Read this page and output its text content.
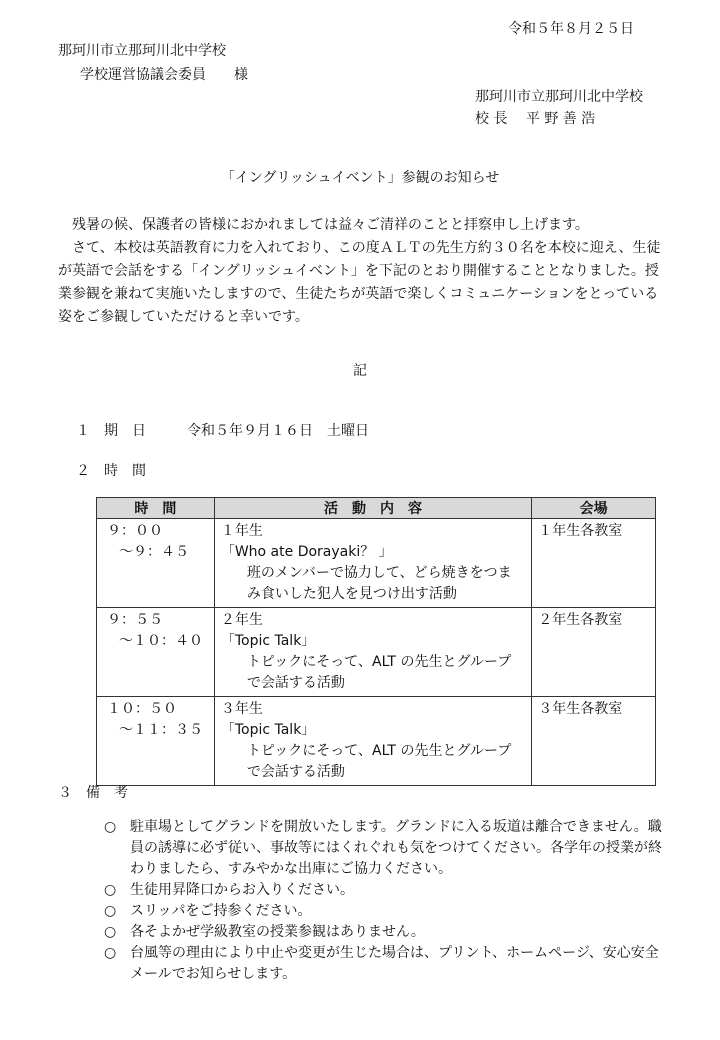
令和５年８月２５日
那珂川市立那珂川北中学校
学校運営協議会委員　　様
那珂川市立那珂川北中学校
校 長　 平 野 善 浩
「イングリッシュイベント」参観のお知らせ

残暑の候、保護者の皆様におかれましては益々ご清祥のことと拝察申し上げます。

さて、本校は英語教育に力を入れており、この度ＡＬＴの先生方約３０名を本校に迎え、生徒が英語で会話をする「イングリッシュイベント」を下記のとおり開催することとなりました。授業参観を兼ねて実施いたしますので、生徒たちが英語で楽しくコミュニケーションをとっている姿をご参観していただけると幸いです。

記
１　期　日	令和５年９月１６日　土曜日
２　時　間
時　間	活　動　内　容	会場

９：００
～９：４５	１年生
「Who ate Dorayaki？ 」
班のメンバーで協力して、どら焼きをつまみ食いした犯人を見つけ出す活動	１年生各教室

９：５５
～１０：４０	２年生
「Topic Talk」
トピックにそって、ALT の先生とグループで会話する活動	２年生各教室

１０：５０
～１１：３５	３年生
「Topic Talk」
トピックにそって、ALT の先生とグループで会話する活動	３年生各教室
３　備　考
○ 駐車場としてグランドを開放いたします。グランドに入る坂道は離合できません。職員の誘導に必ず従い、事故等にはくれぐれも気をつけてください。各学年の授業が終わりましたら、すみやかな出庫にご協力ください。
○ 生徒用昇降口からお入りください。
○ スリッパをご持参ください。
○ 各そよかぜ学級教室の授業参観はありません。
○ 台風等の理由により中止や変更が生じた場合は、プリント、ホームページ、安心安全メールでお知らせします。
